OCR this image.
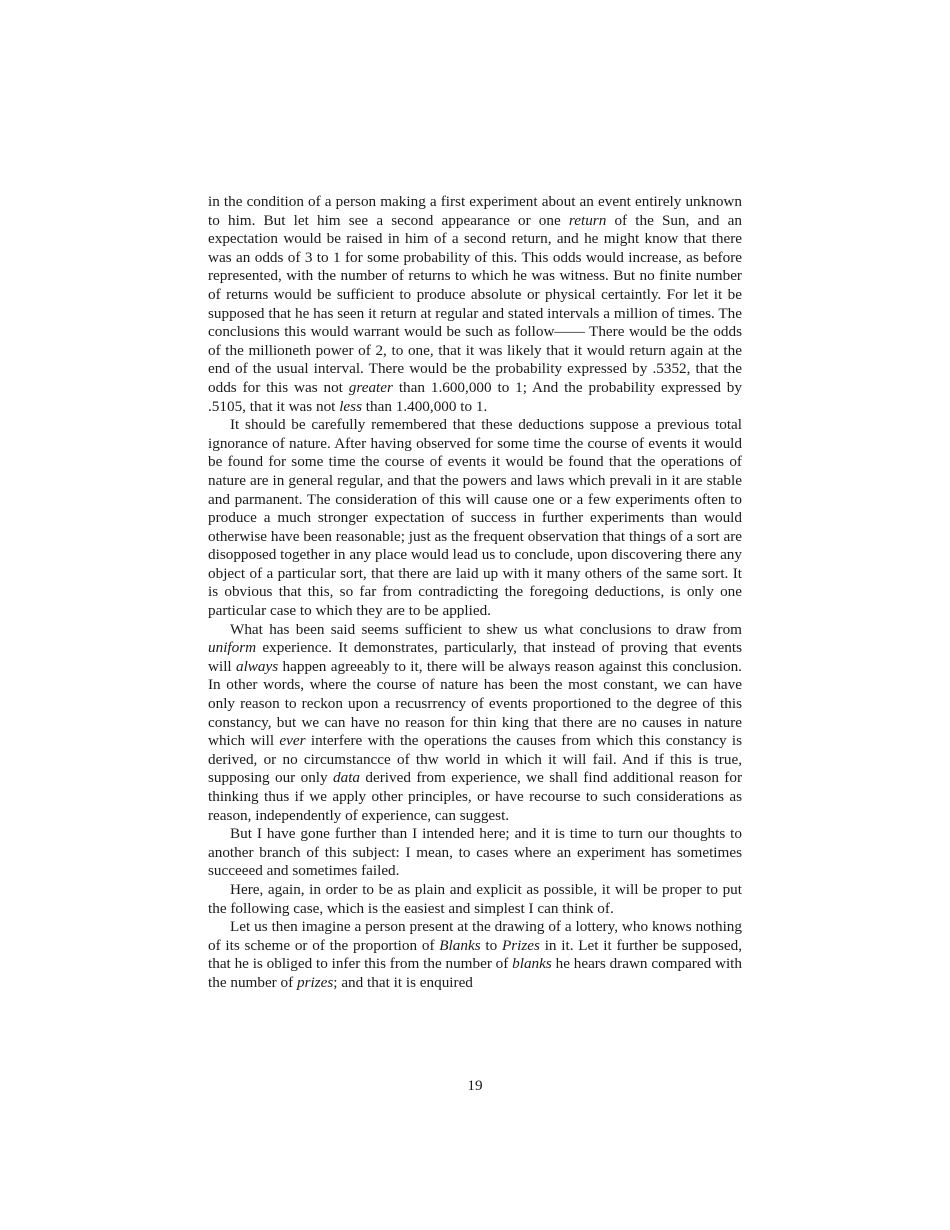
in the condition of a person making a first experiment about an event entirely unknown to him. But let him see a second appearance or one return of the Sun, and an expectation would be raised in him of a second return, and he might know that there was an odds of 3 to 1 for some probability of this. This odds would increase, as before represented, with the number of returns to which he was witness. But no finite number of returns would be sufficient to produce absolute or physical certaintly. For let it be supposed that he has seen it return at regular and stated intervals a million of times. The conclusions this would warrant would be such as follow—— There would be the odds of the millioneth power of 2, to one, that it was likely that it would return again at the end of the usual interval. There would be the probability expressed by .5352, that the odds for this was not greater than 1.600,000 to 1; And the probability expressed by .5105, that it was not less than 1.400,000 to 1.

It should be carefully remembered that these deductions suppose a previous total ignorance of nature. After having observed for some time the course of events it would be found for some time the course of events it would be found that the operations of nature are in general regular, and that the powers and laws which prevali in it are stable and parmanent. The consideration of this will cause one or a few experiments often to produce a much stronger expectation of success in further experiments than would otherwise have been reasonable; just as the frequent observation that things of a sort are disopposed together in any place would lead us to conclude, upon discovering there any object of a particular sort, that there are laid up with it many others of the same sort. It is obvious that this, so far from contradicting the foregoing deductions, is only one particular case to which they are to be applied.

What has been said seems sufficient to shew us what conclusions to draw from uniform experience. It demonstrates, particularly, that instead of proving that events will always happen agreeably to it, there will be always reason against this conclusion. In other words, where the course of nature has been the most constant, we can have only reason to reckon upon a recusrrency of events proportioned to the degree of this constancy, but we can have no reason for thin king that there are no causes in nature which will ever interfere with the operations the causes from which this constancy is derived, or no circumstancce of thw world in which it will fail. And if this is true, supposing our only data derived from experience, we shall find additional reason for thinking thus if we apply other principles, or have recourse to such considerations as reason, independently of experience, can suggest.

But I have gone further than I intended here; and it is time to turn our thoughts to another branch of this subject: I mean, to cases where an experiment has sometimes succeeed and sometimes failed.

Here, again, in order to be as plain and explicit as possible, it will be proper to put the following case, which is the easiest and simplest I can think of.

Let us then imagine a person present at the drawing of a lottery, who knows nothing of its scheme or of the proportion of Blanks to Prizes in it. Let it further be supposed, that he is obliged to infer this from the number of blanks he hears drawn compared with the number of prizes; and that it is enquired

19
